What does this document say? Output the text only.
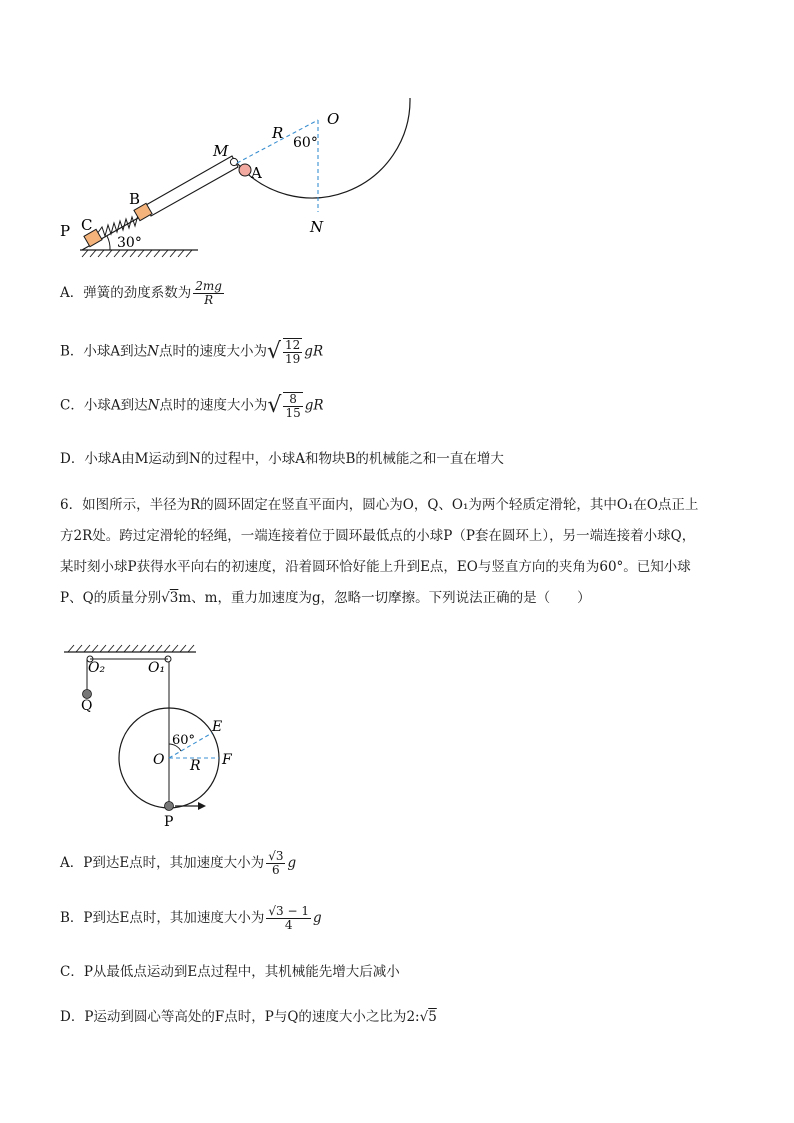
R
O
60°
M
A
B
C
P
30°
N
A．弹簧的劲度系数为 $\frac{2mg}{R}$
B．小球A到达N点时的速度大小为√ $\frac{12}{19}$ gR
C．小球A到达N点时的速度大小为√ $\frac{8}{15}$ gR
D．小球A由M运动到N的过程中，小球A和物块B的机械能之和一直在增大
6．如图所示，半径为R的圆环固定在竖直平面内，圆心为O，Q、O₁为两个轻质定滑轮，其中O₁在O点正上
方2R处。跨过定滑轮的轻绳，一端连接着位于圆环最低点的小球P（P套在圆环上），另一端连接着小球Q，
某时刻小球P获得水平向右的初速度，沿着圆环恰好能上升到E点，EO与竖直方向的夹角为60°。已知小球
P、Q的质量分别√3m、m，重力加速度为g，忽略一切摩擦。下列说法正确的是（　　）
O₂	O₁
Q
E
60°
O R F
P
A．P到达E点时，其加速度大小为 $\frac{√3}{6}$ g
B．P到达E点时，其加速度大小为 $\frac{√3 - 1}{4}$ g
C．P从最低点运动到E点过程中，其机械能先增大后减小
D．P运动到圆心等高处的F点时，P与Q的速度大小之比为2:√5
